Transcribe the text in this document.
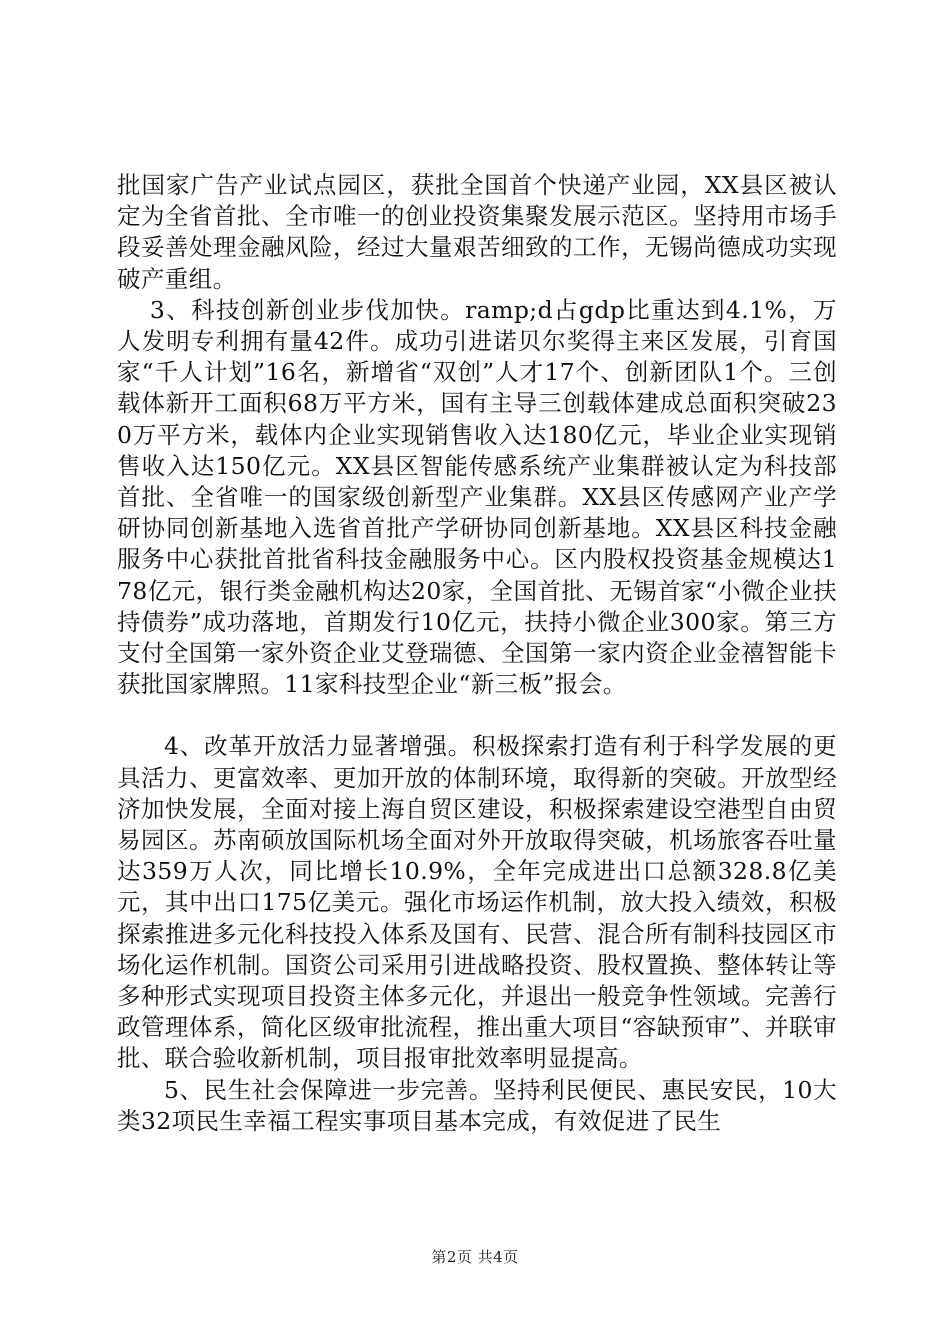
批国家广告产业试点园区，获批全国首个快递产业园，XX县区被认定为全省首批、全市唯一的创业投资集聚发展示范区。坚持用市场手段妥善处理金融风险，经过大量艰苦细致的工作，无锡尚德成功实现破产重组。

3、科技创新创业步伐加快。ramp;d占gdp比重达到4.1%，万人发明专利拥有量42件。成功引进诺贝尔奖得主来区发展，引育国家“千人计划”16名，新增省“双创”人才17个、创新团队1个。三创载体新开工面积68万平方米，国有主导三创载体建成总面积突破230万平方米，载体内企业实现销售收入达180亿元，毕业企业实现销售收入达150亿元。XX县区智能传感系统产业集群被认定为科技部首批、全省唯一的国家级创新型产业集群。XX县区传感网产业产学研协同创新基地入选省首批产学研协同创新基地。XX县区科技金融服务中心获批首批省科技金融服务中心。区内股权投资基金规模达178亿元，银行类金融机构达20家，全国首批、无锡首家“小微企业扶持债券”成功落地，首期发行10亿元，扶持小微企业300家。第三方支付全国第一家外资企业艾登瑞德、全国第一家内资企业金禧智能卡获批国家牌照。11家科技型企业“新三板”报会。

4、改革开放活力显著增强。积极探索打造有利于科学发展的更具活力、更富效率、更加开放的体制环境，取得新的突破。开放型经济加快发展，全面对接上海自贸区建设，积极探索建设空港型自由贸易园区。苏南硕放国际机场全面对外开放取得突破，机场旅客吞吐量达359万人次，同比增长10.9%，全年完成进出口总额328.8亿美元，其中出口175亿美元。强化市场运作机制，放大投入绩效，积极探索推进多元化科技投入体系及国有、民营、混合所有制科技园区市场化运作机制。国资公司采用引进战略投资、股权置换、整体转让等多种形式实现项目投资主体多元化，并退出一般竞争性领域。完善行政管理体系，简化区级审批流程，推出重大项目“容缺预审”、并联审批、联合验收新机制，项目报审批效率明显提高。

5、民生社会保障进一步完善。坚持利民便民、惠民安民，10大类32项民生幸福工程实事项目基本完成，有效促进了民生

第2页 共4页
